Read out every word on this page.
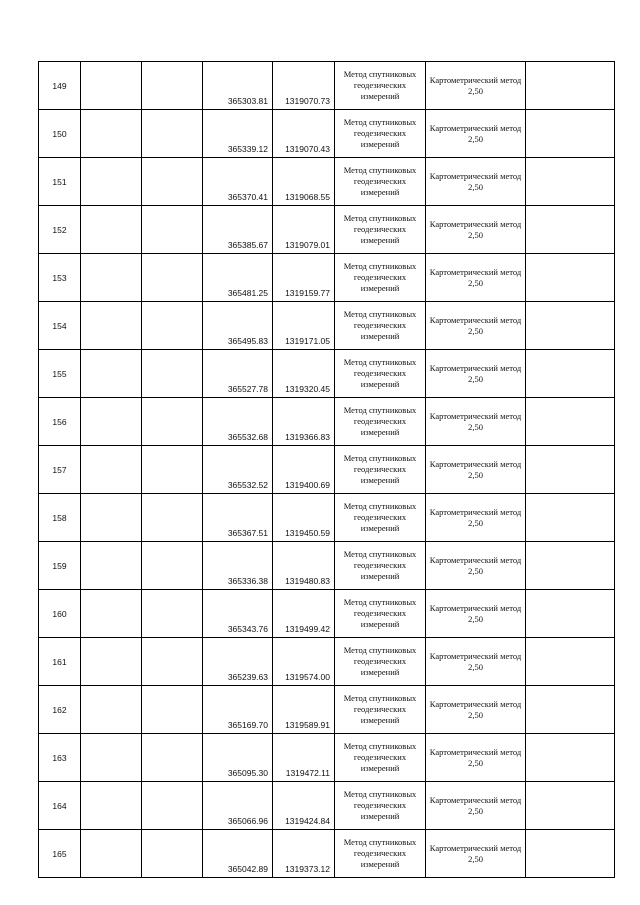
149			365303.81	1319070.73	Метод спутниковых геодезических измерений	Картометрический метод 2,50	
150			365339.12	1319070.43	Метод спутниковых геодезических измерений	Картометрический метод 2,50	
151			365370.41	1319068.55	Метод спутниковых геодезических измерений	Картометрический метод 2,50	
152			365385.67	1319079.01	Метод спутниковых геодезических измерений	Картометрический метод 2,50	
153			365481.25	1319159.77	Метод спутниковых геодезических измерений	Картометрический метод 2,50	
154			365495.83	1319171.05	Метод спутниковых геодезических измерений	Картометрический метод 2,50	
155			365527.78	1319320.45	Метод спутниковых геодезических измерений	Картометрический метод 2,50	
156			365532.68	1319366.83	Метод спутниковых геодезических измерений	Картометрический метод 2,50	
157			365532.52	1319400.69	Метод спутниковых геодезических измерений	Картометрический метод 2,50	
158			365367.51	1319450.59	Метод спутниковых геодезических измерений	Картометрический метод 2,50	
159			365336.38	1319480.83	Метод спутниковых геодезических измерений	Картометрический метод 2,50	
160			365343.76	1319499.42	Метод спутниковых геодезических измерений	Картометрический метод 2,50	
161			365239.63	1319574.00	Метод спутниковых геодезических измерений	Картометрический метод 2,50	
162			365169.70	1319589.91	Метод спутниковых геодезических измерений	Картометрический метод 2,50	
163			365095.30	1319472.11	Метод спутниковых геодезических измерений	Картометрический метод 2,50	
164			365066.96	1319424.84	Метод спутниковых геодезических измерений	Картометрический метод 2,50	
165			365042.89	1319373.12	Метод спутниковых геодезических измерений	Картометрический метод 2,50	
